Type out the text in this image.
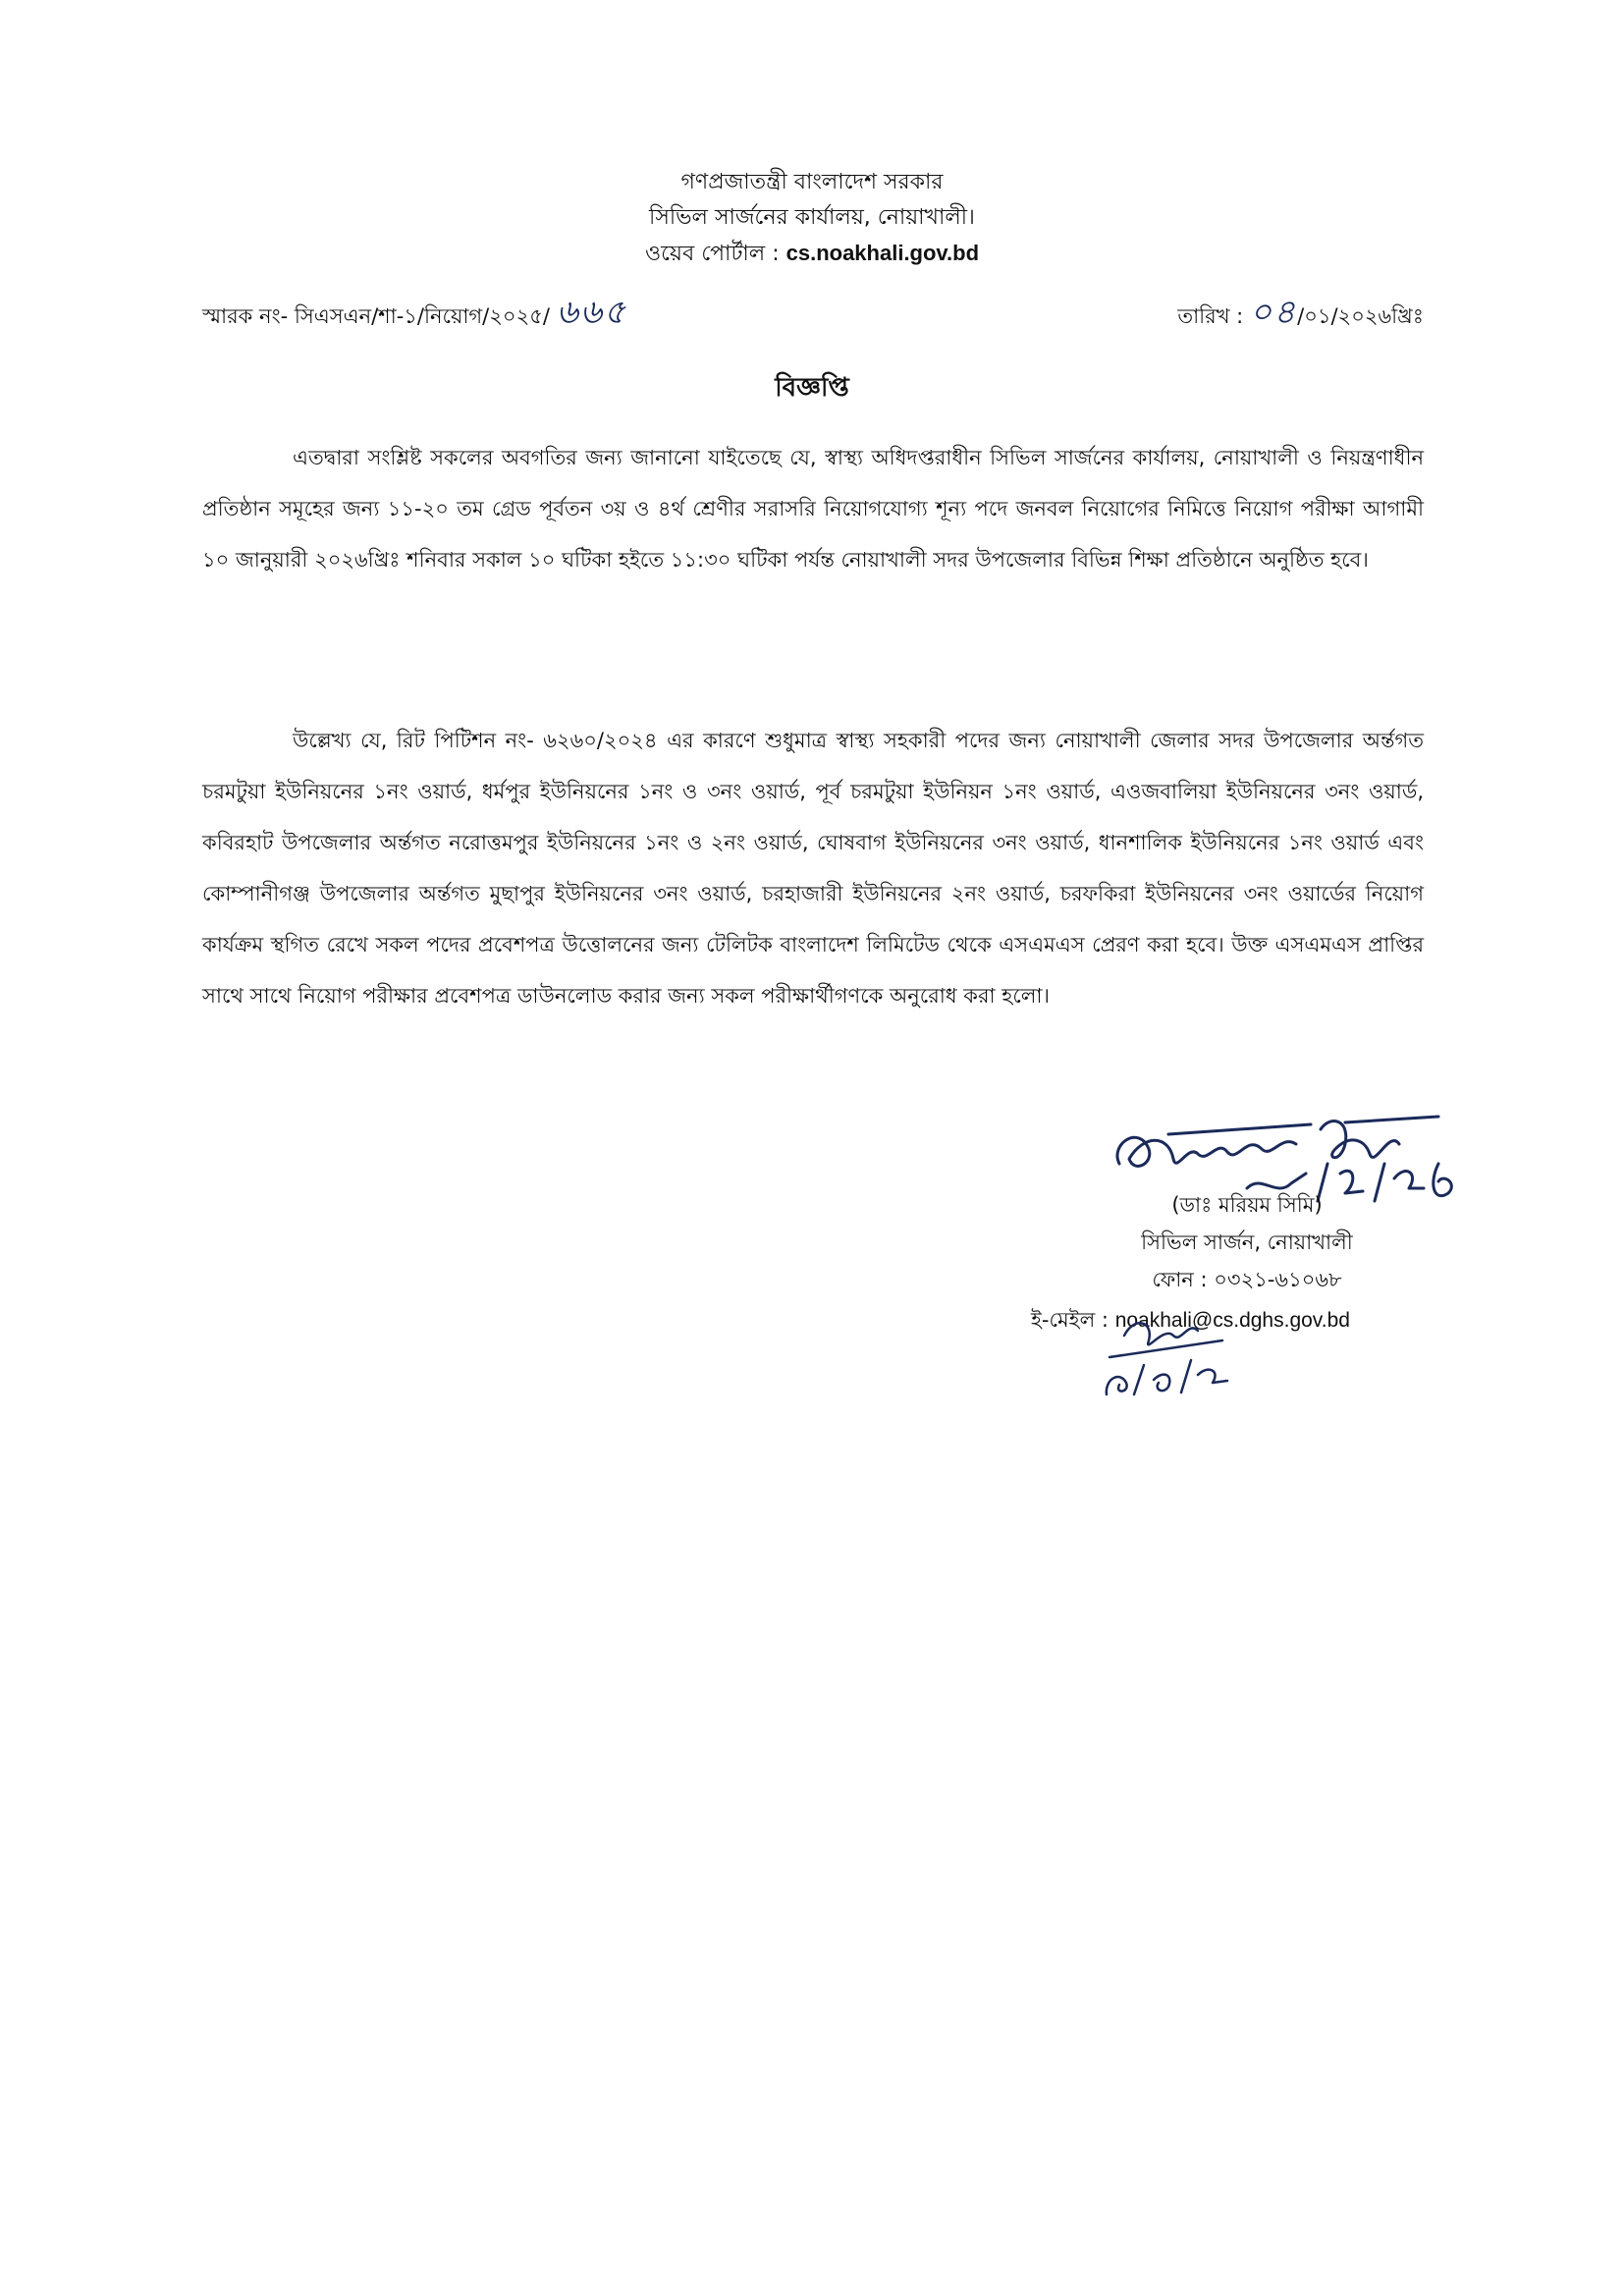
গণপ্রজাতন্ত্রী বাংলাদেশ সরকার
সিভিল সার্জনের কার্যালয়, নোয়াখালী।
ওয়েব পোর্টাল : cs.noakhali.gov.bd
স্মারক নং- সিএসএন/শা-১/নিয়োগ/২০২৫/ ৬৬৫	তারিখ : ০৪/০১/২০২৬খ্রিঃ
বিজ্ঞপ্তি

এতদ্বারা সংশ্লিষ্ট সকলের অবগতির জন্য জানানো যাইতেছে যে, স্বাস্থ্য অধিদপ্তরাধীন সিভিল সার্জনের কার্যালয়, নোয়াখালী ও নিয়ন্ত্রণাধীন প্রতিষ্ঠান সমূহের জন্য ১১-২০ তম গ্রেড পূর্বতন ৩য় ও ৪র্থ শ্রেণীর সরাসরি নিয়োগযোগ্য শূন্য পদে জনবল নিয়োগের নিমিত্তে নিয়োগ পরীক্ষা আগামী ১০ জানুয়ারী ২০২৬খ্রিঃ শনিবার সকাল ১০ ঘটিকা হইতে ১১:৩০ ঘটিকা পর্যন্ত নোয়াখালী সদর উপজেলার বিভিন্ন শিক্ষা প্রতিষ্ঠানে অনুষ্ঠিত হবে।

উল্লেখ্য যে, রিট পিটিশন নং- ৬২৬০/২০২৪ এর কারণে শুধুমাত্র স্বাস্থ্য সহকারী পদের জন্য নোয়াখালী জেলার সদর উপজেলার অর্ন্তগত চরমটুয়া ইউনিয়নের ১নং ওয়ার্ড, ধর্মপুর ইউনিয়নের ১নং ও ৩নং ওয়ার্ড, পূর্ব চরমটুয়া ইউনিয়ন ১নং ওয়ার্ড, এওজবালিয়া ইউনিয়নের ৩নং ওয়ার্ড, কবিরহাট উপজেলার অর্ন্তগত নরোত্তমপুর ইউনিয়নের ১নং ও ২নং ওয়ার্ড, ঘোষবাগ ইউনিয়নের ৩নং ওয়ার্ড, ধানশালিক ইউনিয়নের ১নং ওয়ার্ড এবং কোম্পানীগঞ্জ উপজেলার অর্ন্তগত মুছাপুর ইউনিয়নের ৩নং ওয়ার্ড, চরহাজারী ইউনিয়নের ২নং ওয়ার্ড, চরফকিরা ইউনিয়নের ৩নং ওয়ার্ডের নিয়োগ কার্যক্রম স্থগিত রেখে সকল পদের প্রবেশপত্র উত্তোলনের জন্য টেলিটক বাংলাদেশ লিমিটেড থেকে এসএমএস প্রেরণ করা হবে। উক্ত এসএমএস প্রাপ্তির সাথে সাথে নিয়োগ পরীক্ষার প্রবেশপত্র ডাউনলোড করার জন্য সকল পরীক্ষার্থীগণকে অনুরোধ করা হলো।

(ডাঃ মরিয়ম সিমি)
সিভিল সার্জন, নোয়াখালী
ফোন : ০৩২১-৬১০৬৮
ই-মেইল : noakhali@cs.dghs.gov.bd
